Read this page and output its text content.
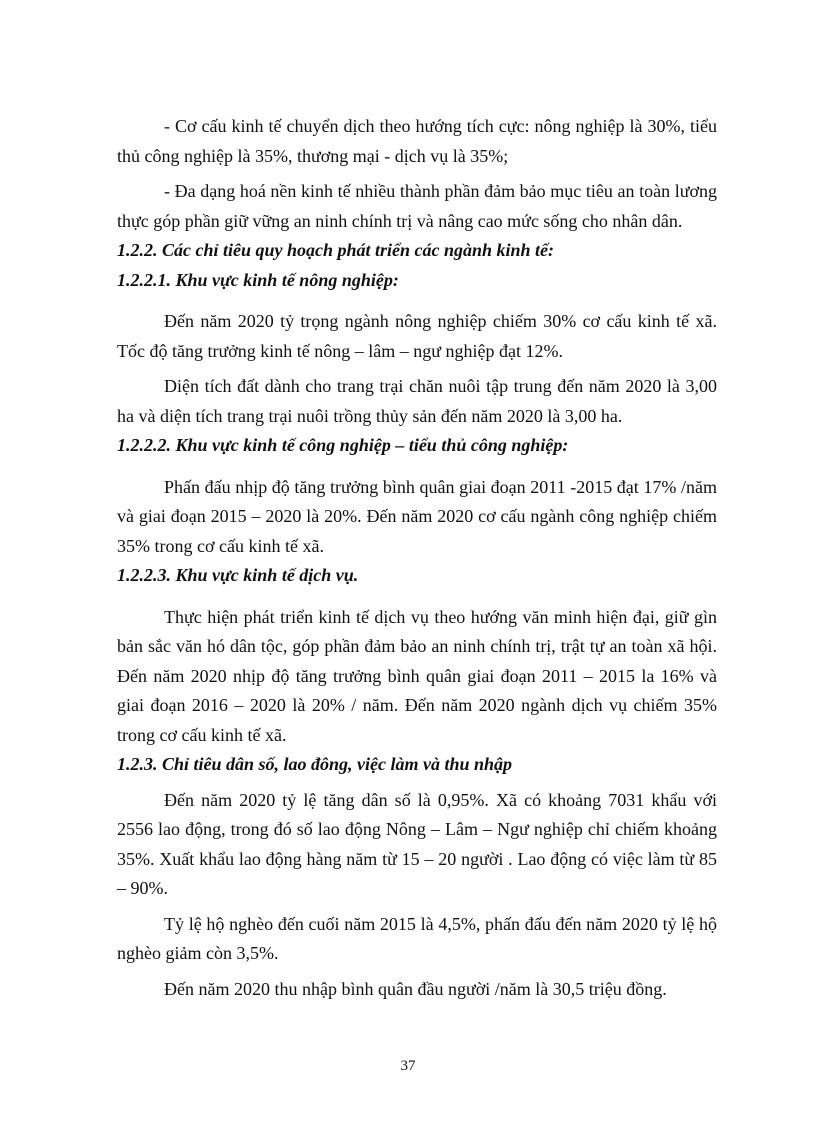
- Cơ cấu kinh tế chuyển dịch theo hướng tích cực: nông nghiệp là 30%, tiểu thủ công nghiệp là 35%, thương mại - dịch vụ là 35%;

- Đa dạng hoá nền kinh tế nhiều thành phần đảm bảo mục tiêu an toàn lương thực góp phần giữ vững an ninh chính trị và nâng cao mức sống cho nhân dân.

1.2.2. Các chỉ tiêu quy hoạch phát triển các ngành kinh tế:

1.2.2.1. Khu vực kinh tế nông nghiệp:

Đến năm 2020 tỷ trọng ngành nông nghiệp chiếm 30% cơ cấu kinh tế xã. Tốc độ tăng trưởng kinh tế nông – lâm – ngư nghiệp đạt 12%.

Diện tích đất dành cho trang trại chăn nuôi tập trung đến năm 2020 là 3,00 ha và diện tích trang trại nuôi trồng thủy sản đến năm 2020 là 3,00 ha.

1.2.2.2. Khu vực kinh tế công nghiệp – tiểu thủ công nghiệp:

Phấn đấu nhịp độ tăng trưởng bình quân giai đoạn 2011 -2015 đạt 17% /năm và giai đoạn 2015 – 2020 là 20%. Đến năm 2020 cơ cấu ngành công nghiệp chiếm 35% trong cơ cấu kinh tế xã.

1.2.2.3. Khu vực kinh tế dịch vụ.

Thực hiện phát triển kinh tế dịch vụ theo hướng văn minh hiện đại, giữ gìn bản sắc văn hó dân tộc, góp phần đảm bảo an ninh chính trị, trật tự an toàn xã hội. Đến năm 2020 nhịp độ tăng trưởng bình quân giai đoạn 2011 – 2015 la 16% và giai đoạn 2016 – 2020 là 20% / năm. Đến năm 2020 ngành dịch vụ chiếm 35% trong cơ cấu kinh tế xã.

1.2.3. Chỉ tiêu dân số, lao đông, việc làm và thu nhập

Đến năm 2020 tỷ lệ tăng dân số là 0,95%. Xã có khoảng 7031 khẩu với 2556 lao động, trong đó số lao động Nông – Lâm – Ngư nghiệp chỉ chiếm khoảng 35%. Xuất khẩu lao động hàng năm từ 15 – 20 người . Lao động có việc làm từ 85 – 90%.

Tỷ lệ hộ nghèo đến cuối năm 2015 là 4,5%, phấn đấu đến năm 2020 tỷ lệ hộ nghèo giảm còn 3,5%.

Đến năm 2020 thu nhập bình quân đầu người /năm là 30,5 triệu đồng.

37
